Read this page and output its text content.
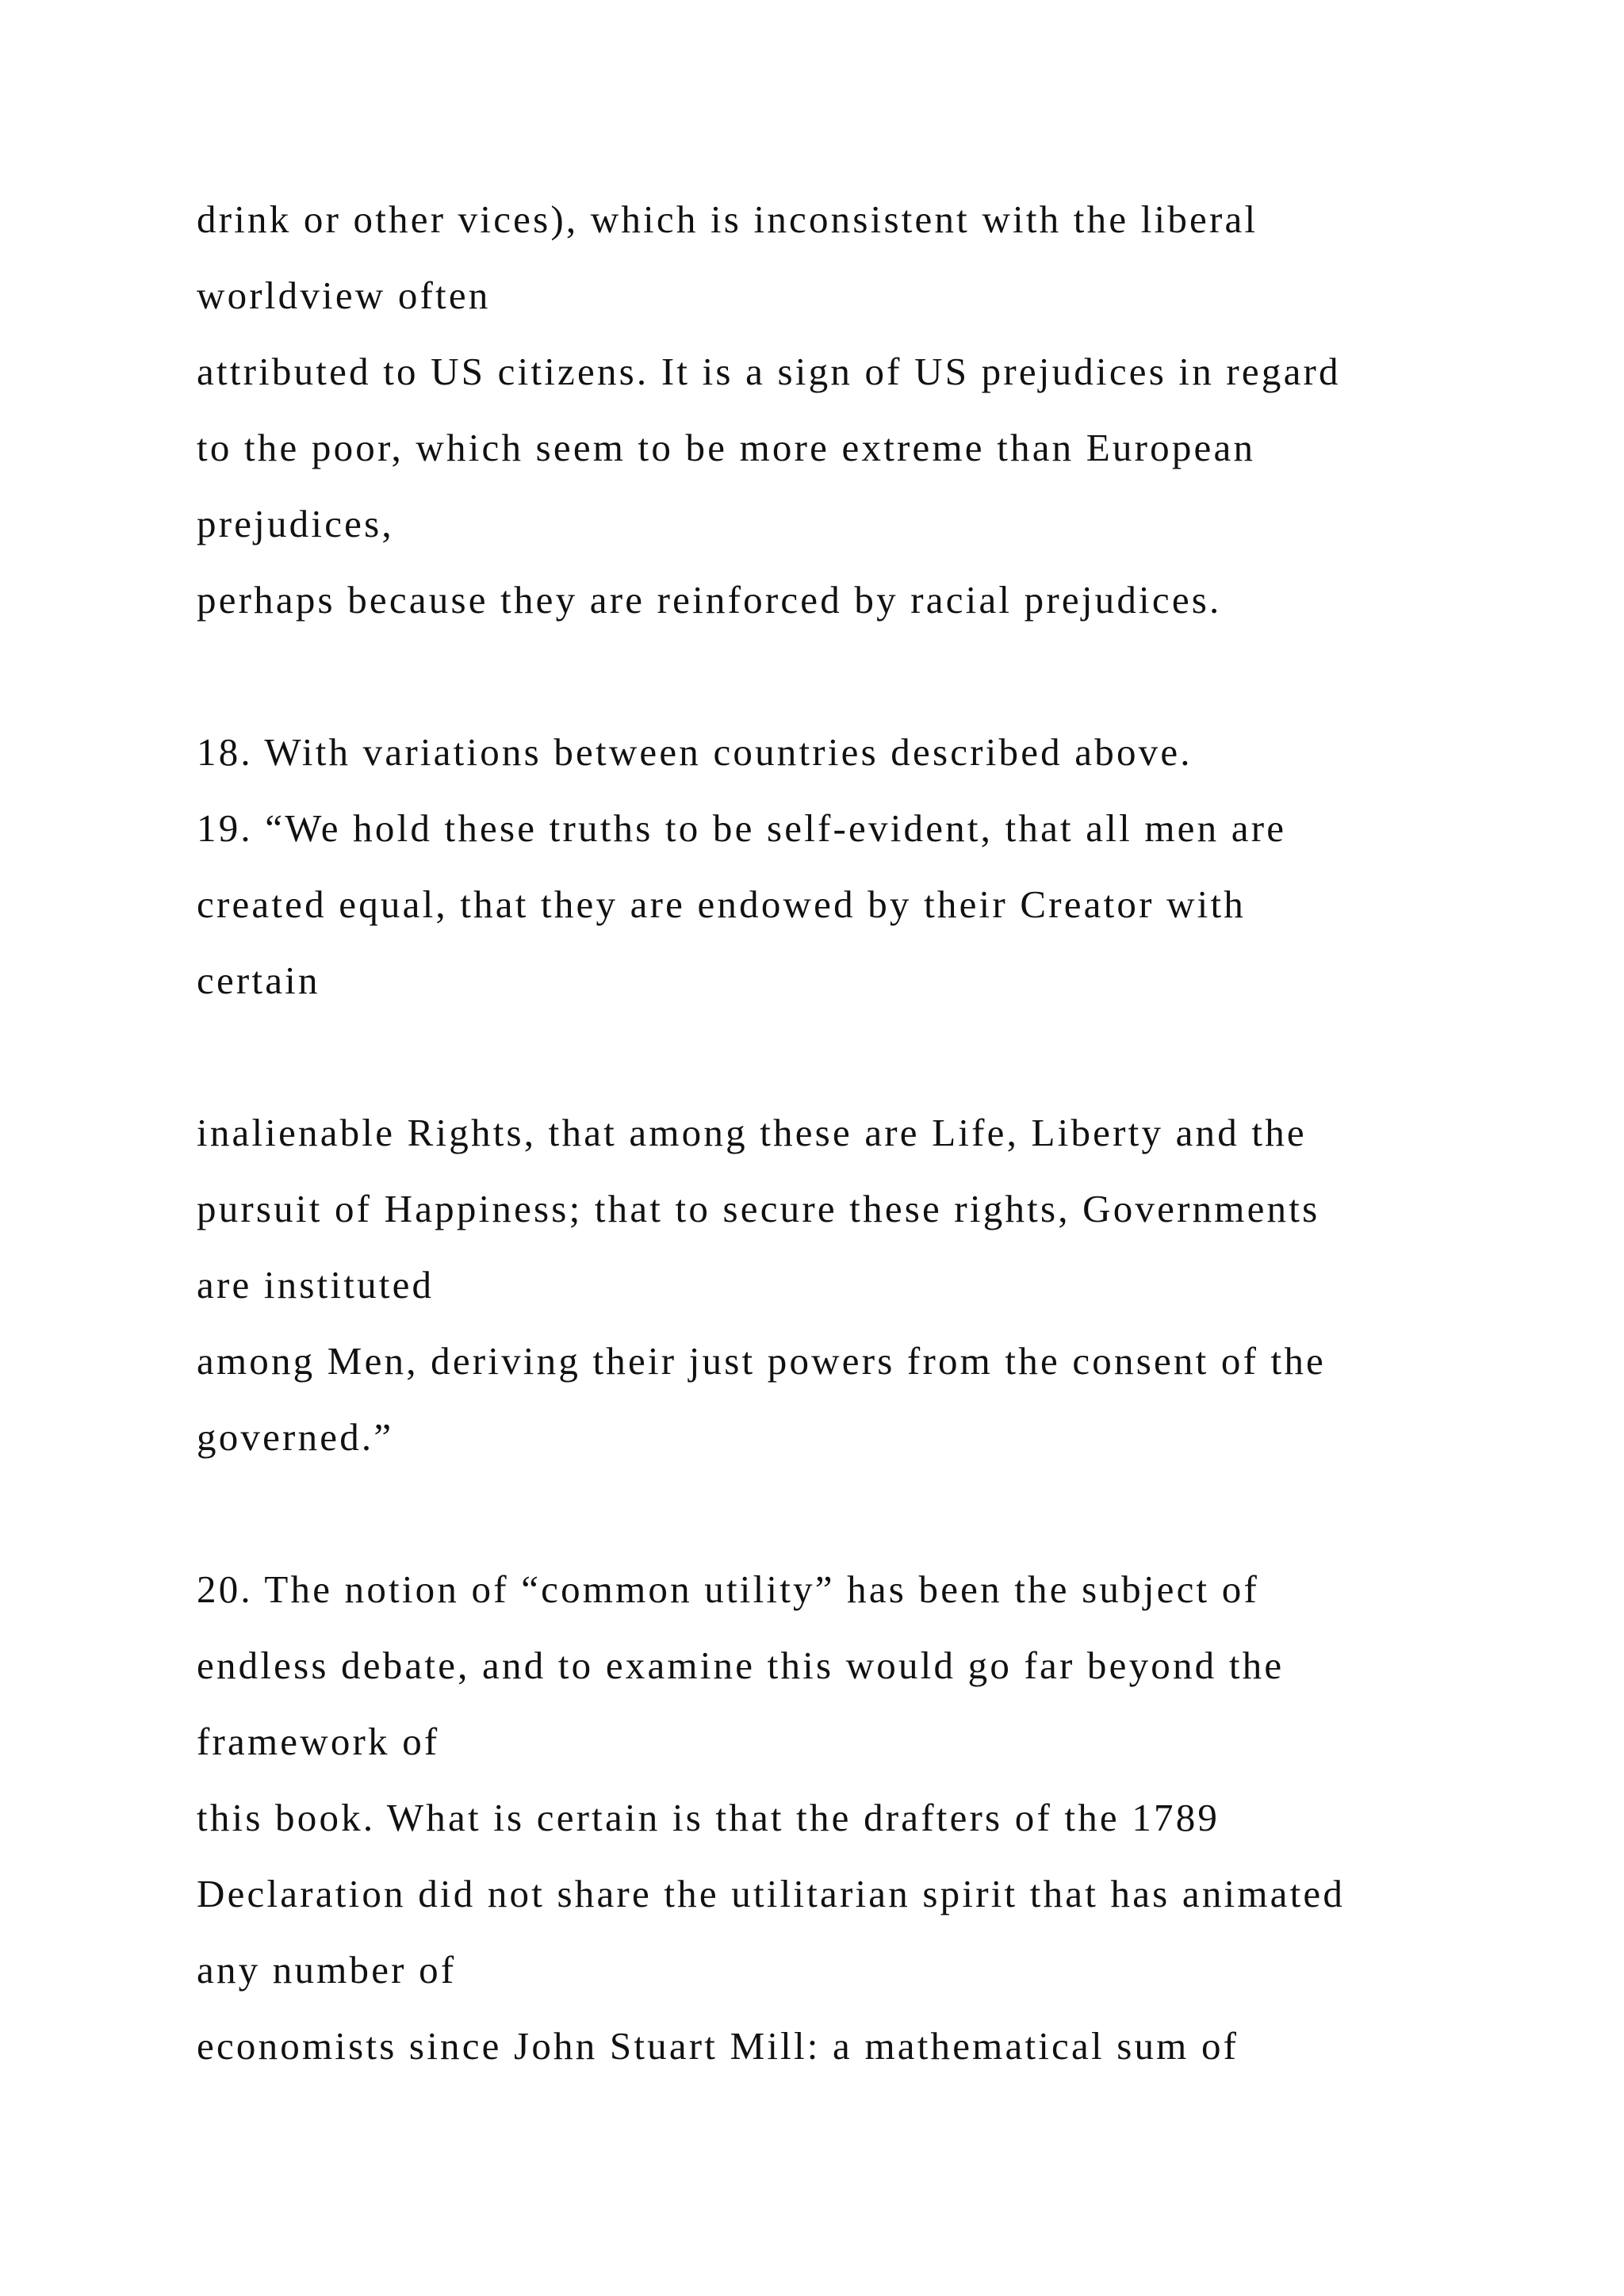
drink or other vices), which is inconsistent with the liberal

worldview often

attributed to US citizens. It is a sign of US prejudices in regard

to the poor, which seem to be more extreme than European

prejudices,

perhaps because they are reinforced by racial prejudices.

18. With variations between countries described above.

19. “We hold these truths to be self-evident, that all men are

created equal, that they are endowed by their Creator with

certain

inalienable Rights, that among these are Life, Liberty and the

pursuit of Happiness; that to secure these rights, Governments

are instituted

among Men, deriving their just powers from the consent of the

governed.”

20. The notion of “common utility” has been the subject of

endless debate, and to examine this would go far beyond the

framework of

this book. What is certain is that the drafters of the 1789

Declaration did not share the utilitarian spirit that has animated

any number of

economists since John Stuart Mill: a mathematical sum of
